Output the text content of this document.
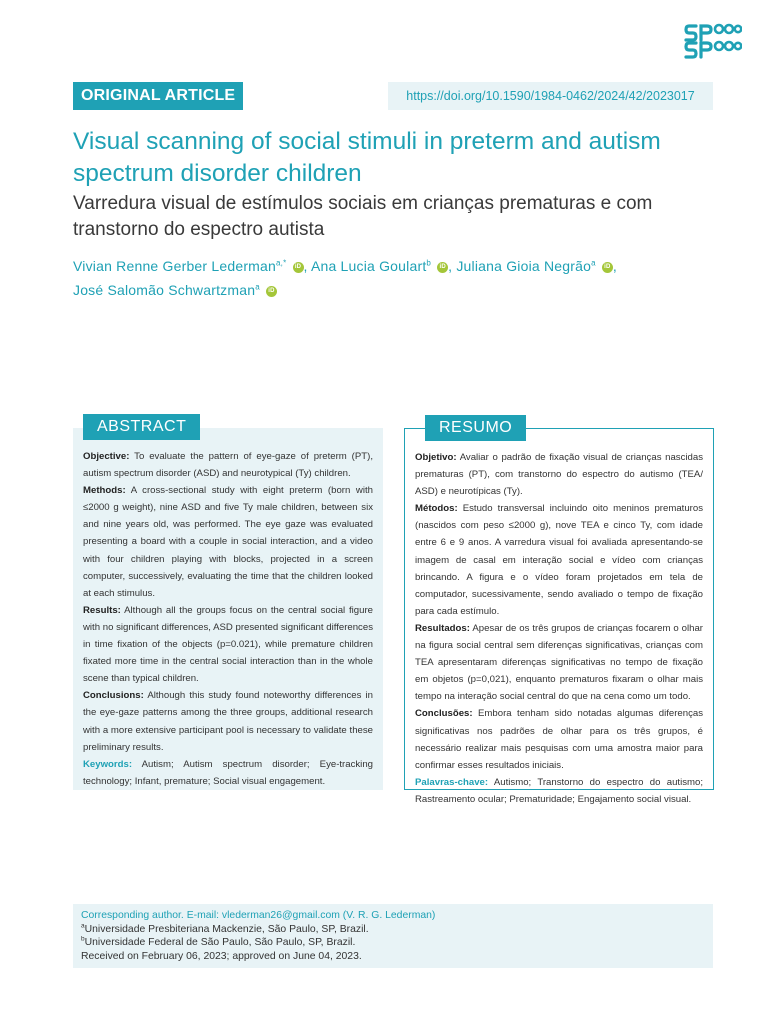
ORIGINAL ARTICLE	https://doi.org/10.1590/1984-0462/2024/42/2023017
Visual scanning of social stimuli in preterm and autism spectrum disorder children
Varredura visual de estímulos sociais em crianças prematuras e com transtorno do espectro autista
Vivian Renne Gerber Lederman$^{a,*}$ iD , Ana Lucia Goulart$^b$ iD , Juliana Gioia Negrão$^a$ iD ,
José Salomão Schwartzman$^a$ iD
ABSTRACT

Objective: To evaluate the pattern of eye-gaze of preterm (PT), autism spectrum disorder (ASD) and neurotypical (Ty) children.

Methods: A cross-sectional study with eight preterm (born with ≤2000 g weight), nine ASD and five Ty male children, between six and nine years old, was performed. The eye gaze was evaluated presenting a board with a couple in social interaction, and a video with four children playing with blocks, projected in a screen computer, successively, evaluating the time that the children looked at each stimulus.

Results: Although all the groups focus on the central social figure with no significant differences, ASD presented significant differences in time fixation of the objects (p=0.021), while premature children fixated more time in the central social interaction than in the whole scene than typical children.

Conclusions: Although this study found noteworthy differences in the eye-gaze patterns among the three groups, additional research with a more extensive participant pool is necessary to validate these preliminary results.

Keywords: Autism; Autism spectrum disorder; Eye-tracking technology; Infant, premature; Social visual engagement.

RESUMO

Objetivo: Avaliar o padrão de fixação visual de crianças nascidas prematuras (PT), com transtorno do espectro do autismo (TEA/ ASD) e neurotípicas (Ty).

Métodos: Estudo transversal incluindo oito meninos prematuros (nascidos com peso ≤2000 g), nove TEA e cinco Ty, com idade entre 6 e 9 anos. A varredura visual foi avaliada apresentando-se imagem de casal em interação social e vídeo com crianças brincando. A figura e o vídeo foram projetados em tela de computador, sucessivamente, sendo avaliado o tempo de fixação para cada estímulo.

Resultados: Apesar de os três grupos de crianças focarem o olhar na figura social central sem diferenças significativas, crianças com TEA apresentaram diferenças significativas no tempo de fixação em objetos (p=0,021), enquanto prematuros fixaram o olhar mais tempo na interação social central do que na cena como um todo.

Conclusões: Embora tenham sido notadas algumas diferenças significativas nos padrões de olhar para os três grupos, é necessário realizar mais pesquisas com uma amostra maior para confirmar esses resultados iniciais.

Palavras-chave: Autismo; Transtorno do espectro do autismo; Rastreamento ocular; Prematuridade; Engajamento social visual.

Corresponding author. E-mail: vlederman26@gmail.com (V. R. G. Lederman)
$^a$Universidade Presbiteriana Mackenzie, São Paulo, SP, Brazil.
$^b$Universidade Federal de São Paulo, São Paulo, SP, Brazil.
Received on February 06, 2023; approved on June 04, 2023.
